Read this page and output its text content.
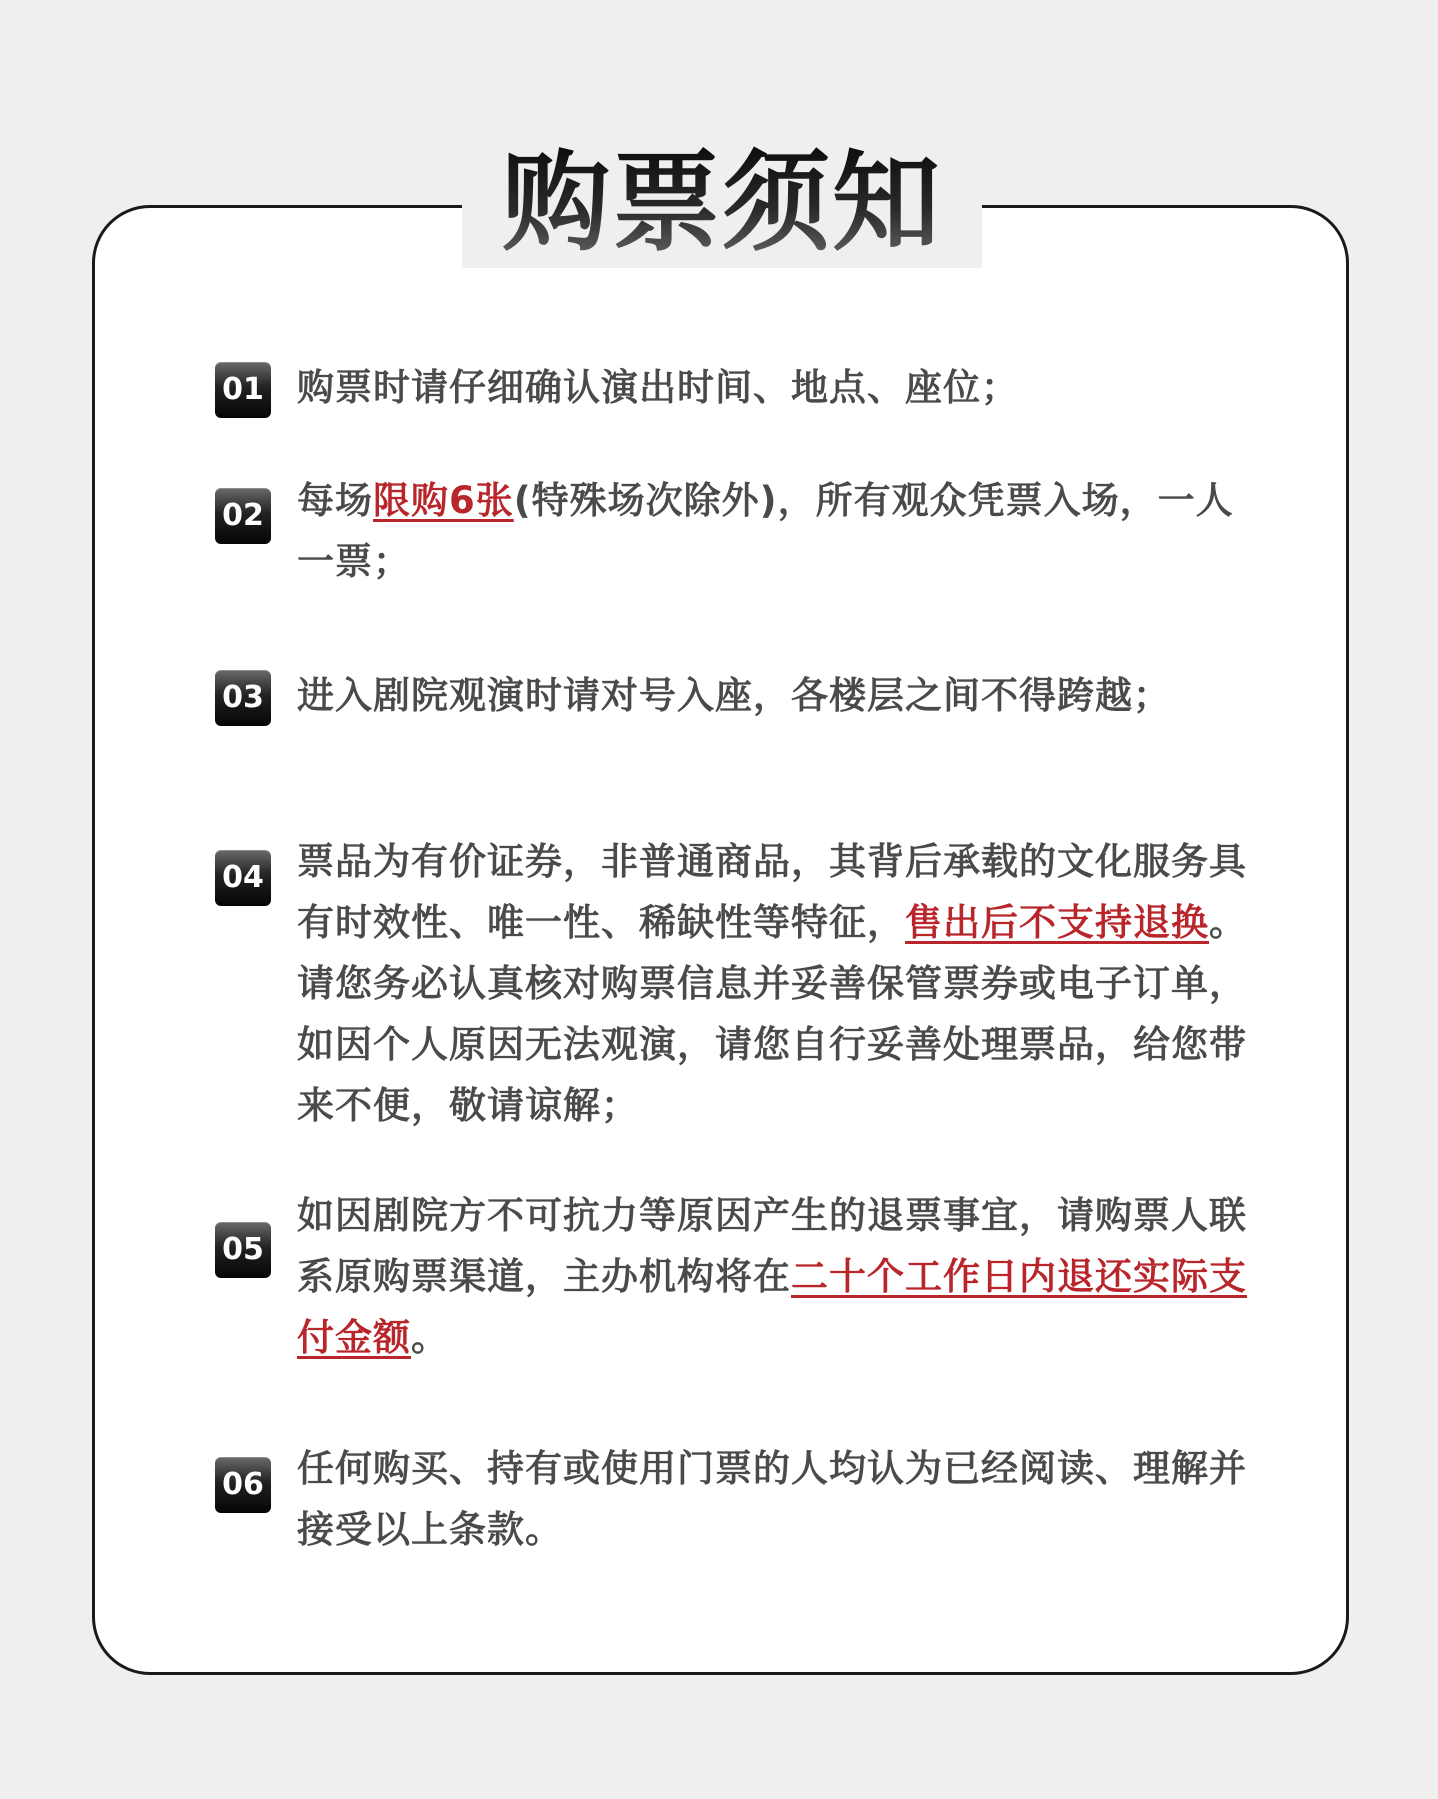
购票须知
01 购票时请仔细确认演出时间、地点、座位；
02 每场限购6张(特殊场次除外)，所有观众凭票入场，一人一票；
03 进入剧院观演时请对号入座，各楼层之间不得跨越；
04 票品为有价证券，非普通商品，其背后承载的文化服务具有时效性、唯一性、稀缺性等特征，售出后不支持退换。请您务必认真核对购票信息并妥善保管票券或电子订单，如因个人原因无法观演，请您自行妥善处理票品，给您带来不便，敬请谅解；
05
如因剧院方不可抗力等原因产生的退票事宜，请购票人联系原购票渠道，主办机构将在二十个工作日内退还实际支付金额。
06 任何购买、持有或使用门票的人均认为已经阅读、理解并接受以上条款。
